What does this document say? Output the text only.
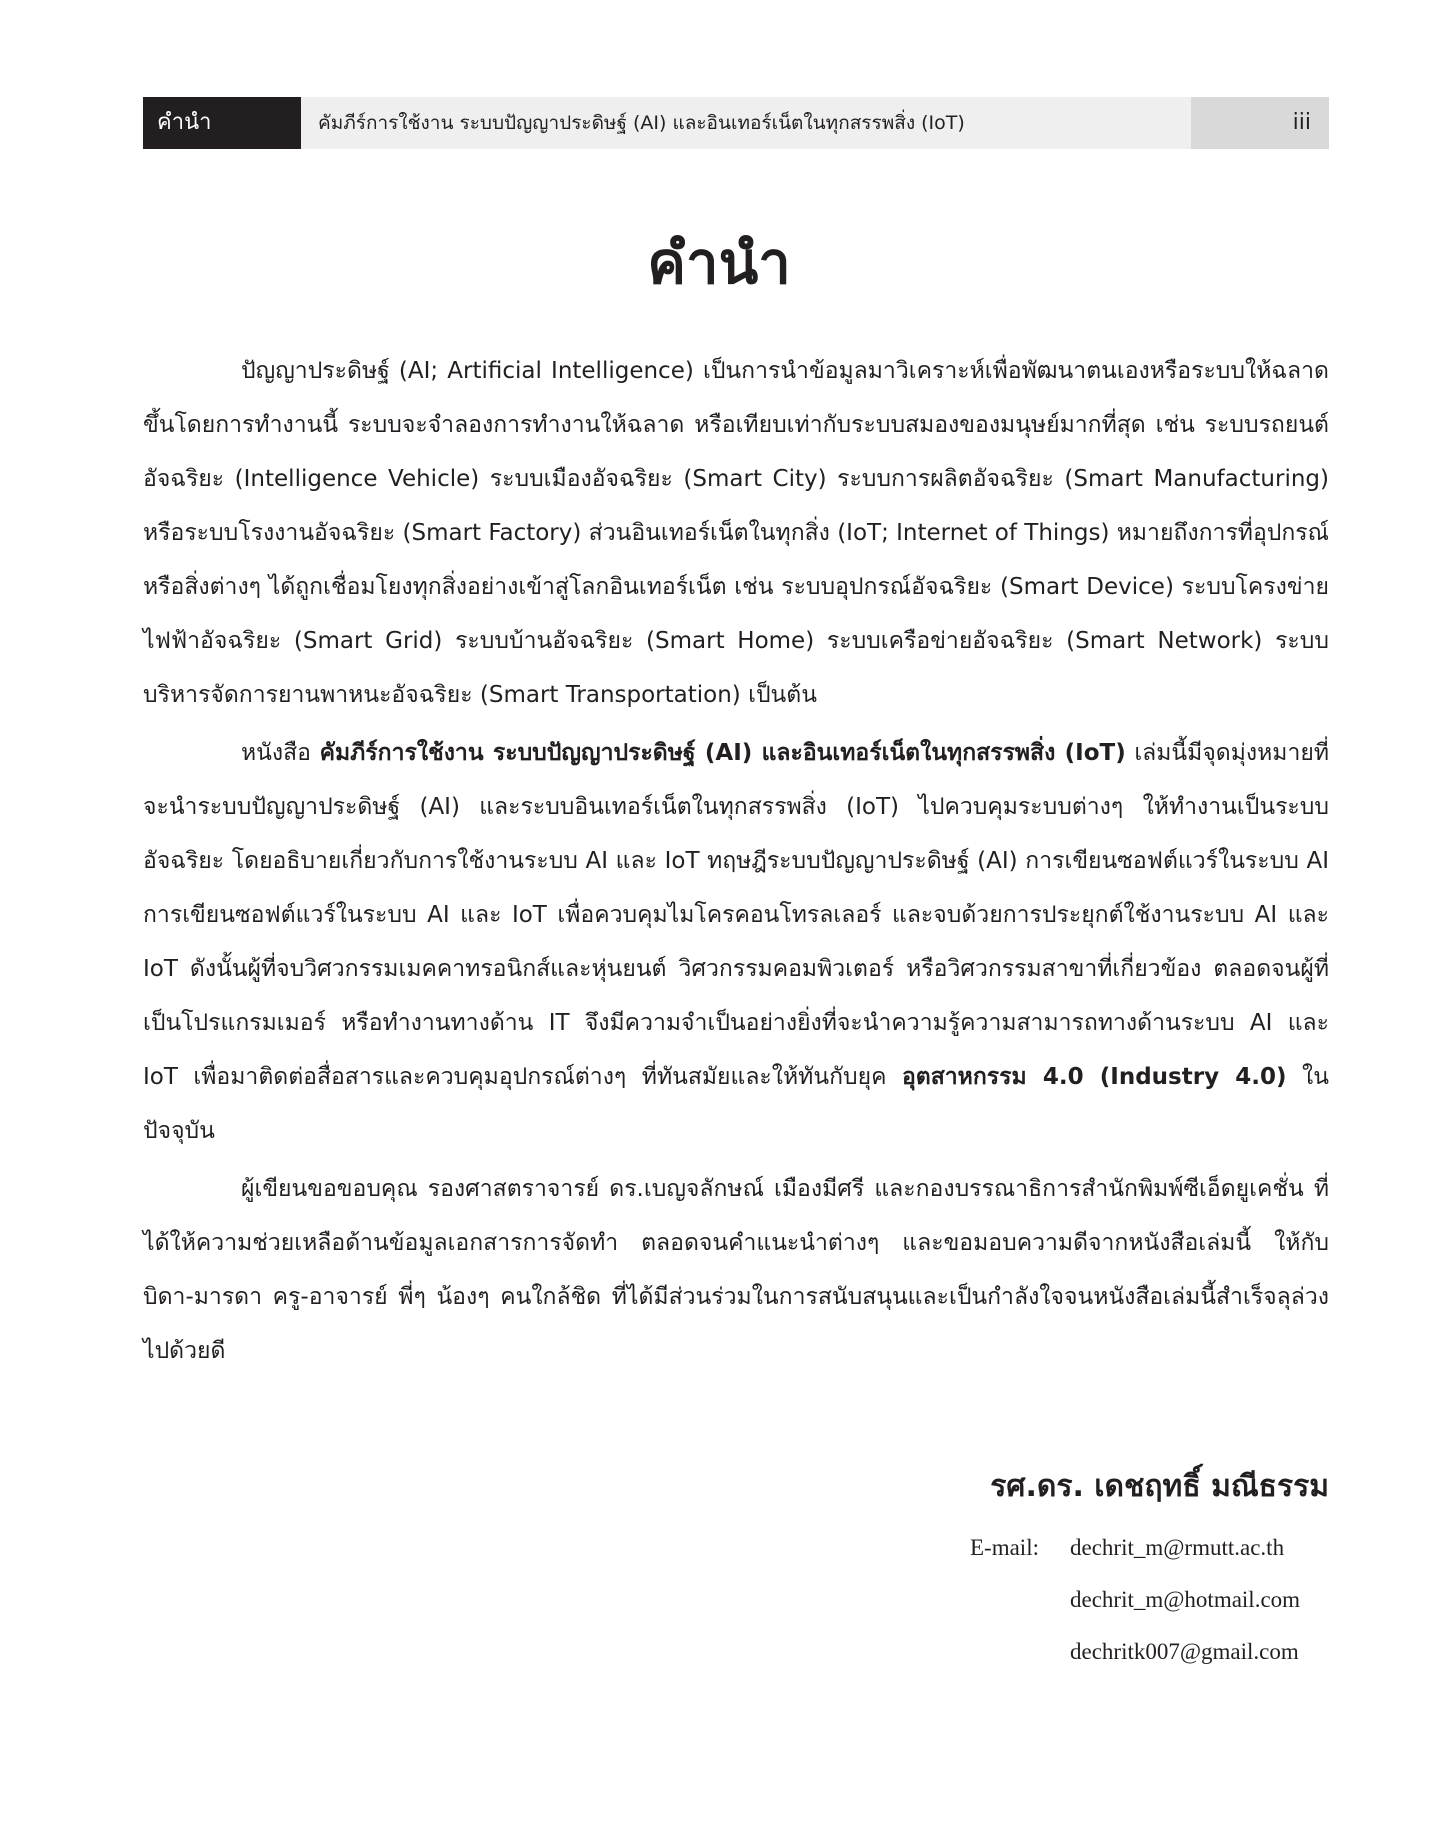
คำนำ	คัมภีร์การใช้งาน ระบบปัญญาประดิษฐ์ (AI) และอินเทอร์เน็ตในทุกสรรพสิ่ง (IoT)	iii
คำนำ

ปัญญาประดิษฐ์ (AI; Artificial Intelligence) เป็นการนำข้อมูลมาวิเคราะห์เพื่อพัฒนาตนเองหรือระบบให้ฉลาดขึ้นโดยการทำงานนี้ ระบบจะจำลองการทำงานให้ฉลาด หรือเทียบเท่ากับระบบสมองของมนุษย์มากที่สุด เช่น ระบบรถยนต์อัจฉริยะ (Intelligence Vehicle) ระบบเมืองอัจฉริยะ (Smart City) ระบบการผลิตอัจฉริยะ (Smart Manufacturing) หรือระบบโรงงานอัจฉริยะ (Smart Factory) ส่วนอินเทอร์เน็ตในทุกสิ่ง (IoT; Internet of Things) หมายถึงการที่อุปกรณ์หรือสิ่งต่างๆ ได้ถูกเชื่อมโยงทุกสิ่งอย่างเข้าสู่โลกอินเทอร์เน็ต เช่น ระบบอุปกรณ์อัจฉริยะ (Smart Device) ระบบโครงข่ายไฟฟ้าอัจฉริยะ (Smart Grid) ระบบบ้านอัจฉริยะ (Smart Home) ระบบเครือข่ายอัจฉริยะ (Smart Network) ระบบบริหารจัดการยานพาหนะอัจฉริยะ (Smart Transportation) เป็นต้น

หนังสือ คัมภีร์การใช้งาน ระบบปัญญาประดิษฐ์ (AI) และอินเทอร์เน็ตในทุกสรรพสิ่ง (IoT) เล่มนี้มีจุดมุ่งหมายที่จะนำระบบปัญญาประดิษฐ์ (AI) และระบบอินเทอร์เน็ตในทุกสรรพสิ่ง (IoT) ไปควบคุมระบบต่างๆ ให้ทำงานเป็นระบบอัจฉริยะ โดยอธิบายเกี่ยวกับการใช้งานระบบ AI และ IoT ทฤษฎีระบบปัญญาประดิษฐ์ (AI) การเขียนซอฟต์แวร์ในระบบ AI การเขียนซอฟต์แวร์ในระบบ AI และ IoT เพื่อควบคุมไมโครคอนโทรลเลอร์ และจบด้วยการประยุกต์ใช้งานระบบ AI และ IoT ดังนั้นผู้ที่จบวิศวกรรมเมคคาทรอนิกส์และหุ่นยนต์ วิศวกรรมคอมพิวเตอร์ หรือวิศวกรรมสาขาที่เกี่ยวข้อง ตลอดจนผู้ที่เป็นโปรแกรมเมอร์ หรือทำงานทางด้าน IT จึงมีความจำเป็นอย่างยิ่งที่จะนำความรู้ความสามารถทางด้านระบบ AI และ IoT เพื่อมาติดต่อสื่อสารและควบคุมอุปกรณ์ต่างๆ ที่ทันสมัยและให้ทันกับยุค อุตสาหกรรม 4.0 (Industry 4.0) ในปัจจุบัน

ผู้เขียนขอขอบคุณ รองศาสตราจารย์ ดร.เบญจลักษณ์ เมืองมีศรี และกองบรรณาธิการสำนักพิมพ์ซีเอ็ดยูเคชั่น ที่ได้ให้ความช่วยเหลือด้านข้อมูลเอกสารการจัดทำ ตลอดจนคำแนะนำต่างๆ และขอมอบความดีจากหนังสือเล่มนี้ ให้กับ บิดา-มารดา ครู-อาจารย์ พี่ๆ น้องๆ คนใกล้ชิด ที่ได้มีส่วนร่วมในการสนับสนุนและเป็นกำลังใจจนหนังสือเล่มนี้สำเร็จลุล่วงไปด้วยดี

รศ.ดร. เดชฤทธิ์ มณีธรรม
E-mail:	dechrit_m@rmutt.ac.th
dechrit_m@hotmail.com
dechritk007@gmail.com
